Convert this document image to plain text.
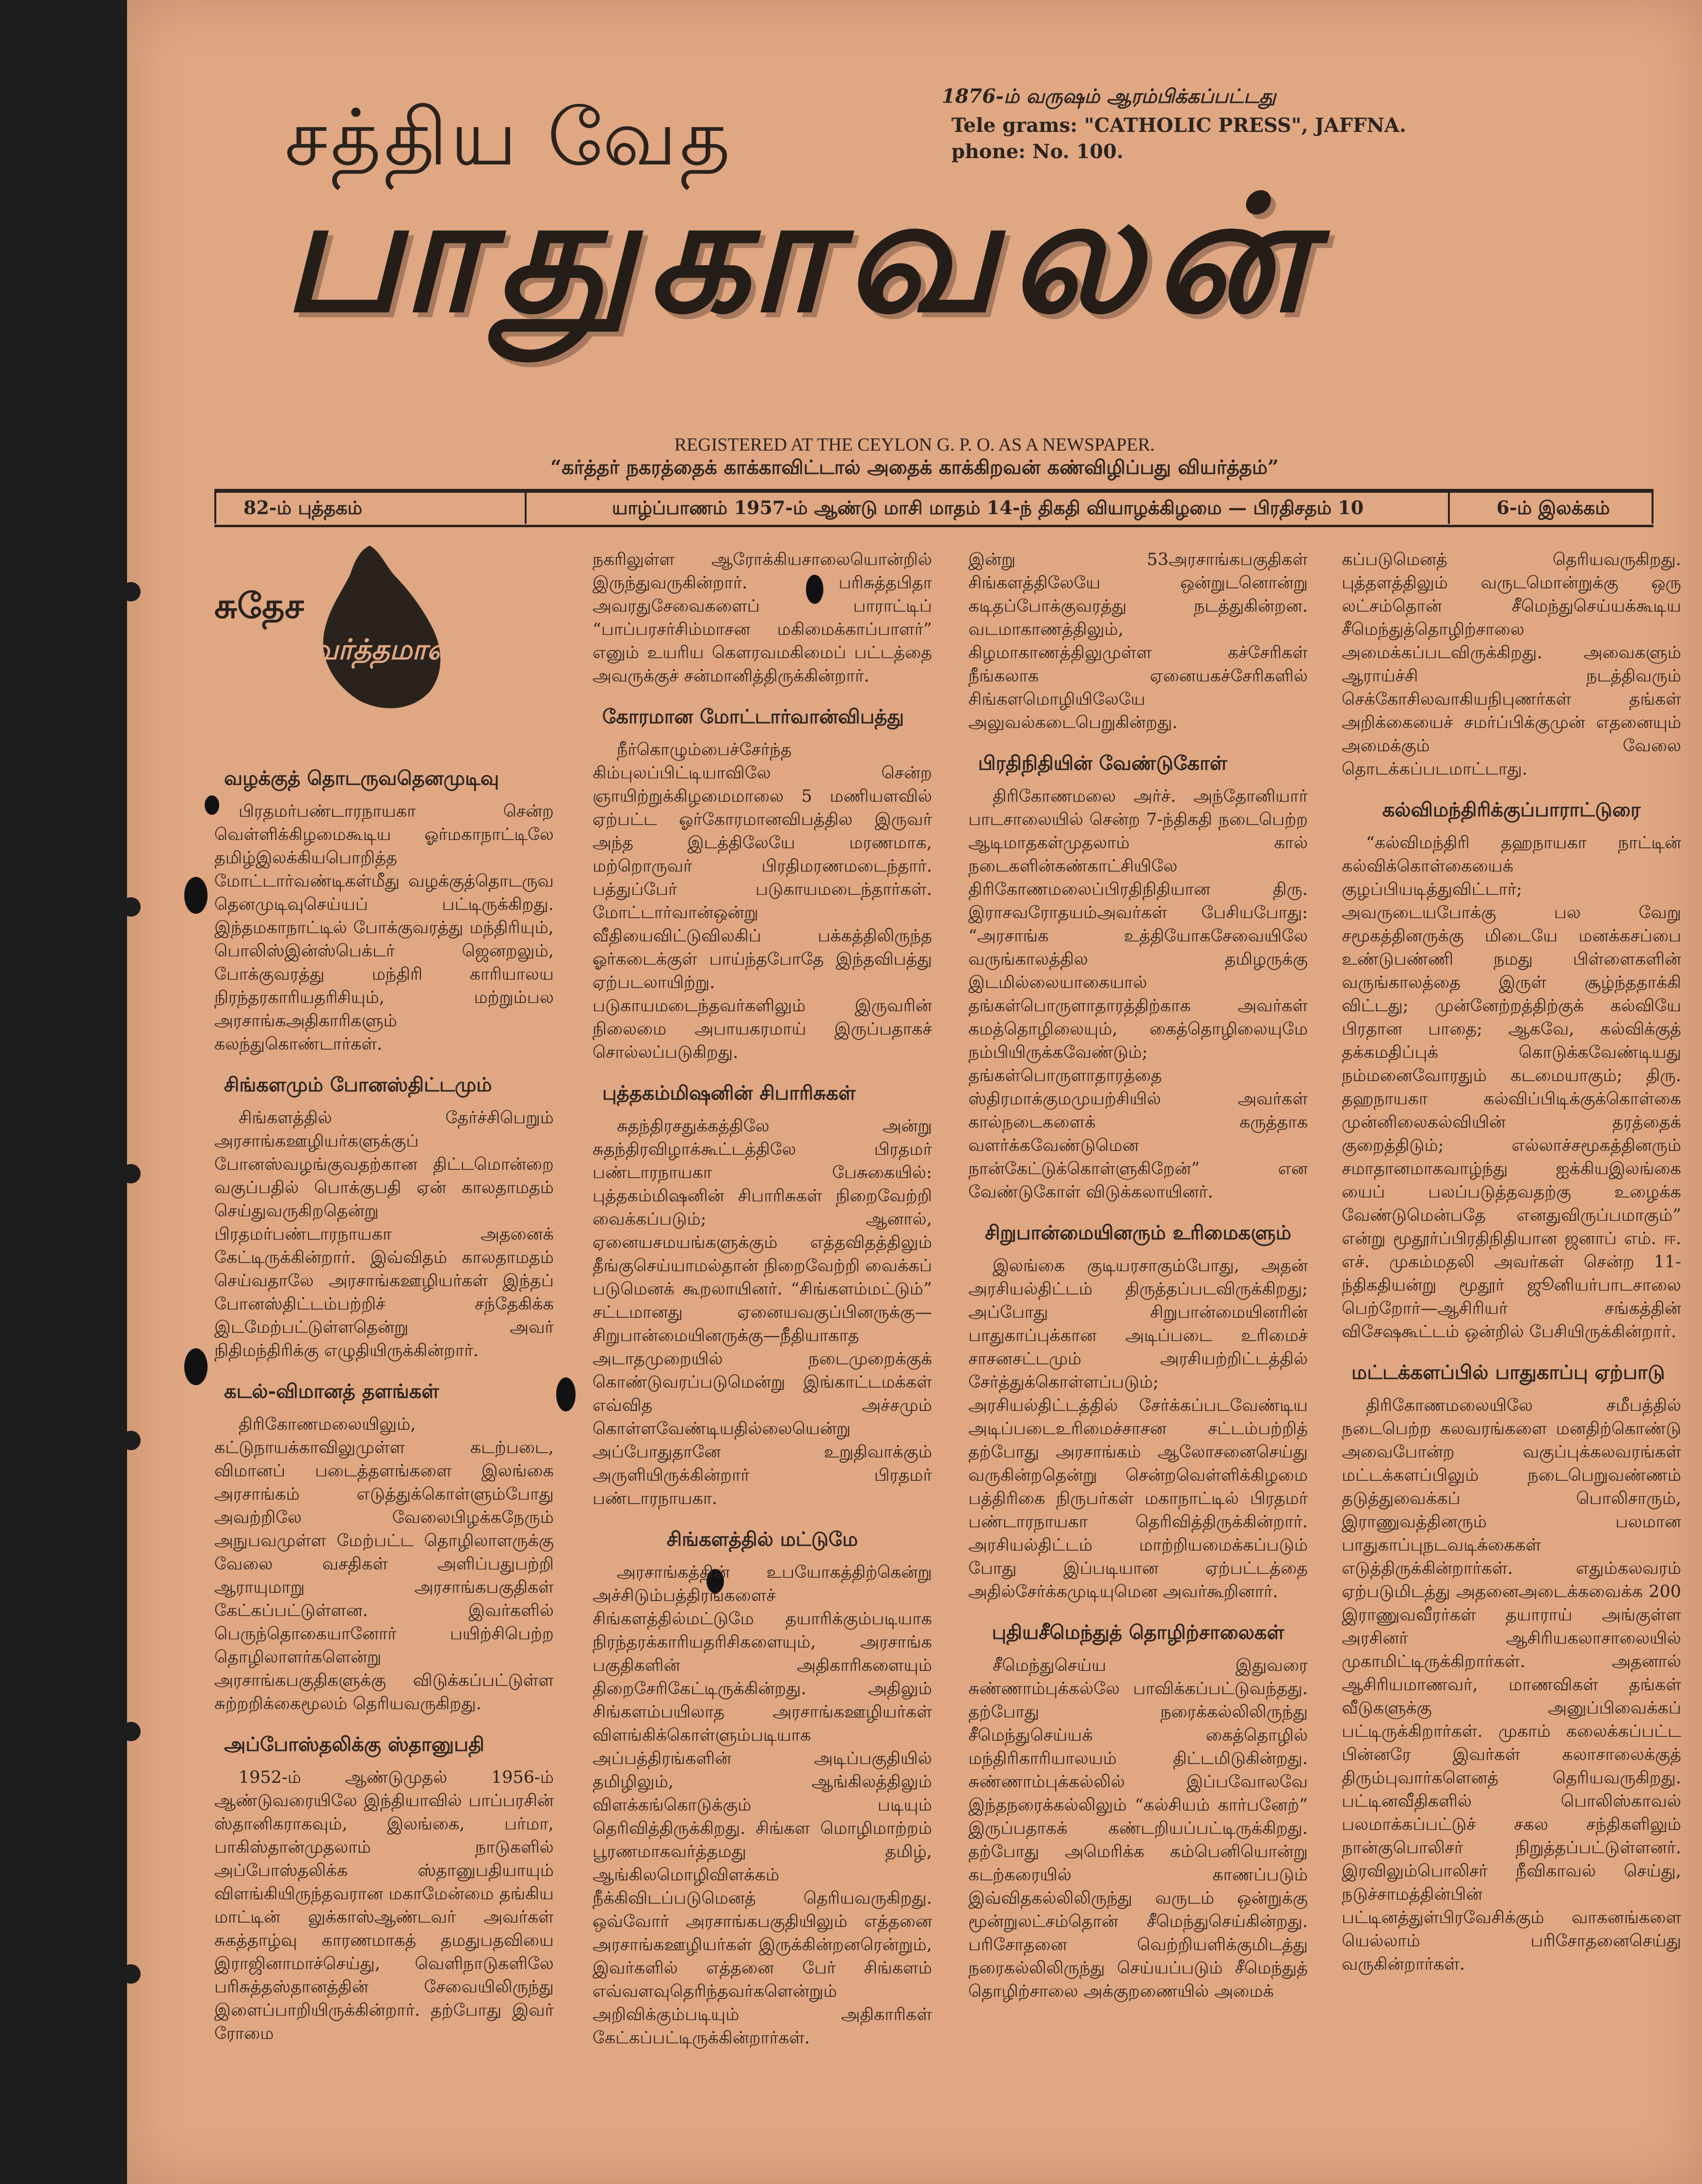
சத்திய வேத
பாதுகாவலன்
1876-ம் வருஷம் ஆரம்பிக்கப்பட்டது
Tele grams: "CATHOLIC PRESS", JAFFNA.
phone: No. 100.
REGISTERED AT THE CEYLON G. P. O. AS A NEWSPAPER.
“கர்த்தர் நகரத்தைக் காக்காவிட்டால் அதைக் காக்கிறவன் கண்விழிப்பது வியர்த்தம்”
82-ம் புத்தகம்	யாழ்ப்பாணம் 1957-ம் ஆண்டு மாசி மாதம் 14-ந் திகதி வியாழக்கிழமை — பிரதிசதம் 10	6-ம் இலக்கம்
சுதேச
வர்த்தமானம்
வழக்குத் தொடருவதெனமுடிவு

பிரதமர்பண்டாரநாயகா சென்ற வெள்ளிக்கிழமைகூடிய ஓர்மகாநாட்டிலே தமிழ்இலக்கியபொறித்த மோட்டார்வண்டிகள்மீது வழக்குத்தொடருவ தெனமுடிவுசெய்யப் பட்டிருக்கிறது. இந்தமகாநாட்டில் போக்குவரத்து மந்திரியும், பொலிஸ்இன்ஸ்பெக்டர் ஜெனறலும், போக்குவரத்து மந்திரி காரியாலய நிரந்தரகாரியதரிசியும், மற்றும்பல அரசாங்கஅதிகாரிகளும் கலந்துகொண்டார்கள்.

சிங்களமும் போனஸ்திட்டமும்

சிங்களத்தில் தேர்ச்சிபெறும் அரசாங்கஊழியர்களுக்குப் போனஸ்வழங்குவதற்கான திட்டமொன்றை வகுப்பதில் பொக்குபதி ஏன் காலதாமதம் செய்துவருகிறதென்று பிரதமர்பண்டாரநாயகா அதனைக் கேட்டிருக்கின்றார். இவ்விதம் காலதாமதம் செய்வதாலே அரசாங்கஊழியர்கள் இந்தப் போனஸ்திட்டம்பற்றிச் சந்தேகிக்க இடமேற்பட்டுள்ளதென்று அவர் நிதிமந்திரிக்கு எழுதியிருக்கின்றார்.

கடல்-விமானத் தளங்கள்

திரிகோணமலையிலும், கட்டுநாயக்காவிலுமுள்ள கடற்படை, விமானப் படைத்தளங்களை இலங்கை அரசாங்கம் எடுத்துக்கொள்ளும்போது அவற்றிலே வேலைபிழக்கநேரும் அநுபவமுள்ள மேற்பட்ட தொழிலாளருக்கு வேலை வசதிகள் அளிப்பதுபற்றி ஆராயுமாறு அரசாங்கபகுதிகள் கேட்கப்பட்டுள்ளன. இவர்களில் பெருந்தொகையானோர் பயிற்சிபெற்ற தொழிலாளர்களென்று அரசாங்கபகுதிகளுக்கு விடுக்கப்பட்டுள்ள சுற்றறிக்கைமூலம் தெரியவருகிறது.

அப்போஸ்தலிக்கு ஸ்தானுபதி

1952-ம் ஆண்டுமுதல் 1956-ம் ஆண்டுவரையிலே இந்தியாவில் பாப்பரசின் ஸ்தானிகராகவும், இலங்கை, பர்மா, பாகிஸ்தான்முதலாம் நாடுகளில் அப்போஸ்தலிக்க ஸ்தானுபதியாயும் விளங்கியிருந்தவரான மகாமேன்மை தங்கிய மாட்டின் லுக்காஸ்ஆண்டவர் அவர்கள் சுகத்தாழ்வு காரணமாகத் தமதுபதவியை இராஜினாமாச்செய்து, வெளிநாடுகளிலே பரிசுத்தஸ்தானத்தின் சேவையிலிருந்து இளைப்பாறியிருக்கின்றார். தற்போது இவர் ரோமை

நகரிலுள்ள ஆரோக்கியசாலையொன்றில் இருந்துவருகின்றார். பரிசுத்தபிதா அவரதுசேவைகளைப் பாராட்டிப் “பாப்பரசர்சிம்மாசன மகிமைக்காப்பாளர்” எனும் உயரிய கௌரவமகிமைப் பட்டத்தை அவருக்குச் சன்மானித்திருக்கின்றார்.

கோரமான மோட்டார்வான்விபத்து

நீர்கொழும்பைச்சேர்ந்த கிம்புலப்பிட்டியாவிலே சென்ற ஞாயிற்றுக்கிழமைமாலை 5 மணியளவில் ஏற்பட்ட ஓர்கோரமானவிபத்தில இருவர் அந்த இடத்திலேயே மரணமாக, மற்றொருவர் பிரதிமரணமடைந்தார். பத்துப்பேர் படுகாயமடைந்தார்கள். மோட்டார்வான்ஒன்று வீதியைவிட்டுவிலகிப் பக்கத்திலிருந்த ஓர்கடைக்குள் பாய்ந்தபோதே இந்தவிபத்து ஏற்படலாயிற்று. படுகாயமடைந்தவர்களிலும் இருவரின் நிலைமை அபாயகரமாய் இருப்பதாகச் சொல்லப்படுகிறது.

புத்தகம்மிஷனின் சிபாரிசுகள்

சுதந்திரசதுக்கத்திலே அன்று சுதந்திரவிழாக்கூட்டத்திலே பிரதமர் பண்டாரநாயகா பேசுகையில்: புத்தகம்மிஷனின் சிபாரிசுகள் நிறைவேற்றி வைக்கப்படும்; ஆனால், ஏனையசமயங்களுக்கும் எத்தவிதத்திலும் தீங்குசெய்யாமல்தான் நிறைவேற்றி வைக்கப் படுமெனக் கூறலாயினர். “சிங்களம்மட்டும்” சட்டமானது ஏனையவகுப்பினருக்கு— சிறுபான்மையினருக்கு—நீதியாகாத அடாதமுறையில் நடைமுறைக்குக் கொண்டுவரப்படுமென்று இங்காட்டமக்கள் எவ்வித அச்சமும் கொள்ளவேண்டியதில்லையென்று அப்போதுதானே உறுதிவாக்கும் அருளியிருக்கின்றார் பிரதமர் பண்டாரநாயகா.

சிங்களத்தில் மட்டுமே

அரசாங்கத்தின் உபயோகத்திற்கென்று அச்சிடும்பத்திரங்களைச் சிங்களத்தில்மட்டுமே தயாரிக்கும்படியாக நிரந்தரக்காரியதரிசிகளையும், அரசாங்க பகுதிகளின் அதிகாரிகளையும் திறைசேரிகேட்டிருக்கின்றது. அதிலும் சிங்களம்பயிலாத அரசாங்கஊழியர்கள் விளங்கிக்கொள்ளும்படியாக அப்பத்திரங்களின் அடிப்பகுதியில் தமிழிலும், ஆங்கிலத்திலும் விளக்கங்கொடுக்கும் படியும் தெரிவித்திருக்கிறது. சிங்கள மொழிமாற்றம் பூரணமாகவர்த்தமது தமிழ், ஆங்கிலமொழிவிளக்கம் நீக்கிவிடப்படுமெனத் தெரியவருகிறது. ஒவ்வோர் அரசாங்கபகுதியிலும் எத்தனை அரசாங்கஊழியர்கள் இருக்கின்றனரென்றும், இவர்களில் எத்தனை பேர் சிங்களம் எவ்வளவுதெரிந்தவர்களென்றும் அறிவிக்கும்படியும் அதிகாரிகள் கேட்கப்பட்டிருக்கின்றார்கள்.

இன்று 53அரசாங்கபகுதிகள் சிங்களத்திலேயே ஒன்றுடனொன்று கடிதப்போக்குவரத்து நடத்துகின்றன. வடமாகாணத்திலும், கிழமாகாணத்திலுமுள்ள கச்சேரிகள் நீங்கலாக ஏனையகச்சேரிகளில் சிங்களமொழியிலேயே அலுவல்கடைபெறுகின்றது.

பிரதிநிதியின் வேண்டுகோள்

திரிகோணமலை அர்ச். அந்தோனியார் பாடசாலையில் சென்ற 7-ந்திகதி நடைபெற்ற ஆடிமாதகள்முதலாம் கால் நடைகளின்கண்காட்சியிலே திரிகோணமலைப்பிரதிநிதியான திரு. இராசவரோதயம்அவர்கள் பேசியபோது: “அரசாங்க உத்தியோகசேவையிலே வருங்காலத்தில தமிழருக்கு இடமில்லையாகையால் தங்கள்பொருளாதாரத்திற்காக அவர்கள் கமத்தொழிலையும், கைத்தொழிலையுமே நம்பியிருக்கவேண்டும்; தங்கள்பொருளாதாரத்தை ஸ்திரமாக்குமமுயற்சியில் அவர்கள் கால்நடைகளைக் கருத்தாக வளர்க்கவேண்டுமென நான்கேட்டுக்கொள்ளுகிறேன்” என வேண்டுகோள் விடுக்கலாயினர்.

சிறுபான்மையினரும் உரிமைகளும்

இலங்கை குடியரசாகும்போது, அதன் அரசியல்திட்டம் திருத்தப்படவிருக்கிறது; அப்போது சிறுபான்மையினரின் பாதுகாப்புக்கான அடிப்படை உரிமைச் சாசனசட்டமும் அரசியற்றிட்டத்தில் சேர்த்துக்கொள்ளப்படும்; அரசியல்திட்டத்தில் சேர்க்கப்படவேண்டிய அடிப்படைஉரிமைச்சாசன சட்டம்பற்றித் தற்போது அரசாங்கம் ஆலோசனைசெய்து வருகின்றதென்று சென்றவெள்ளிக்கிழமை பத்திரிகை நிருபர்கள் மகாநாட்டில் பிரதமர் பண்டாரநாயகா தெரிவித்திருக்கின்றார். அரசியல்திட்டம் மாற்றியமைக்கப்படும் போது இப்படியான ஏற்பட்டத்தை அதில்சேர்க்கமுடியுமென அவர்கூறினார்.

புதியசீமெந்துத் தொழிற்சாலைகள்

சீமெந்துசெய்ய இதுவரை சுண்ணாம்புக்கல்லே பாவிக்கப்பட்டுவந்தது. தற்போது நரைக்கல்லிலிருந்து சீமெந்துசெய்யக் கைத்தொழில் மந்திரிகாரியாலயம் திட்டமிடுகின்றது. சுண்ணாம்புக்கல்லில் இப்பவோலவே இந்தநரைக்கல்லிலும் “கல்சியம் கார்பனேற்” இருப்பதாகக் கண்டறியப்பட்டிருக்கிறது. தற்போது அமெரிக்க கம்பெனியொன்று கடற்கரையில் காணப்படும் இவ்விதகல்லிலிருந்து வருடம் ஒன்றுக்கு மூன்றுலட்சம்தொன் சீமெந்துசெய்கின்றது. பரிசோதனை வெற்றியளிக்குமிடத்து நரைகல்லிலிருந்து செய்யப்படும் சீமெந்துத் தொழிற்சாலை அக்குறணையில் அமைக்

கப்படுமெனத் தெரியவருகிறது. புத்தளத்திலும் வருடமொன்றுக்கு ஒரு லட்சம்தொன் சீமெந்துசெய்யக்கூடிய சீமெந்துத்தொழிற்சாலை அமைக்கப்படவிருக்கிறது. அவைகளும் ஆராய்ச்சி நடத்திவரும் செக்கோசிலவாகியநிபுணர்கள் தங்கள் அறிக்கையைச் சமர்ப்பிக்குமுன் எதனையும் அமைக்கும் வேலை தொடக்கப்படமாட்டாது.

கல்விமந்திரிக்குப்பாராட்டுரை

“கல்விமந்திரி தஹநாயகா நாட்டின் கல்விக்கொள்கையைக் குழப்பியடித்துவிட்டார்; அவருடையபோக்கு பல வேறு சமூகத்தினருக்கு மிடையே மனக்கசப்பை உண்டுபண்ணி நமது பிள்ளைகளின் வருங்காலத்தை இருள் சூழ்ந்ததாக்கி விட்டது; முன்னேற்றத்திற்குக் கல்வியே பிரதான பாதை; ஆகவே, கல்விக்குத் தக்கமதிப்புக் கொடுக்கவேண்டியது நம்மனைவோரதும் கடமையாகும்; திரு. தஹநாயகா கல்விப்பிடிக்குக்கொள்கை முன்னிலைகல்வியின் தரத்தைக் குறைத்திடும்; எல்லாச்சமூகத்தினரும் சமாதானமாகவாழ்ந்து ஐக்கியஇலங்கை யைப் பலப்படுத்தவதற்கு உழைக்க வேண்டுமென்பதே எனதுவிருப்பமாகும்” என்று மூதூர்ப்பிரதிநிதியான ஜனாப் எம். ஈ. எச். முகம்மதலி அவர்கள் சென்ற 11-ந்திகதியன்று மூதூர் ஜூனியர்பாடசாலை பெற்றோர்—ஆசிரியர் சங்கத்தின் விசேஷகூட்டம் ஒன்றில் பேசியிருக்கின்றார்.

மட்டக்களப்பில் பாதுகாப்பு ஏற்பாடு

திரிகோணமலையிலே சமீபத்தில் நடைபெற்ற கலவரங்களை மனதிற்கொண்டு அவைபோன்ற வகுப்புக்கலவரங்கள் மட்டக்களப்பிலும் நடைபெறுவண்ணம் தடுத்துவைக்கப் பொலிசாரும், இராணுவத்தினரும் பலமான பாதுகாப்புநடவடிக்கைகள் எடுத்திருக்கின்றார்கள். எதும்கலவரம் ஏற்படுமிடத்து அதனைஅடைக்கவைக்க 200 இராணுவவீரர்கள் தயாராய் அங்குள்ள அரசினர் ஆசிரியகலாசாலையில் முகாமிட்டிருக்கிறார்கள். அதனால் ஆசிரியமாணவர், மாணவிகள் தங்கள் வீடுகளுக்கு அனுப்பிவைக்கப் பட்டிருக்கிறார்கள். முகாம் கலைக்கப்பட்ட பின்னரே இவர்கள் கலாசாலைக்குத் திரும்புவார்களெனத் தெரியவருகிறது. பட்டினவீதிகளில் பொலிஸ்காவல் பலமாக்கப்பட்டுச் சகல சந்திகளிலும் நான்குபொலிசர் நிறுத்தப்பட்டுள்ளனர். இரவிலும்பொலிசர் நீவிகாவல் செய்து, நடுச்சாமத்தின்பின் பட்டினத்துள்பிரவேசிக்கும் வாகனங்களை யெல்லாம் பரிசோதனைசெய்து வருகின்றார்கள்.
